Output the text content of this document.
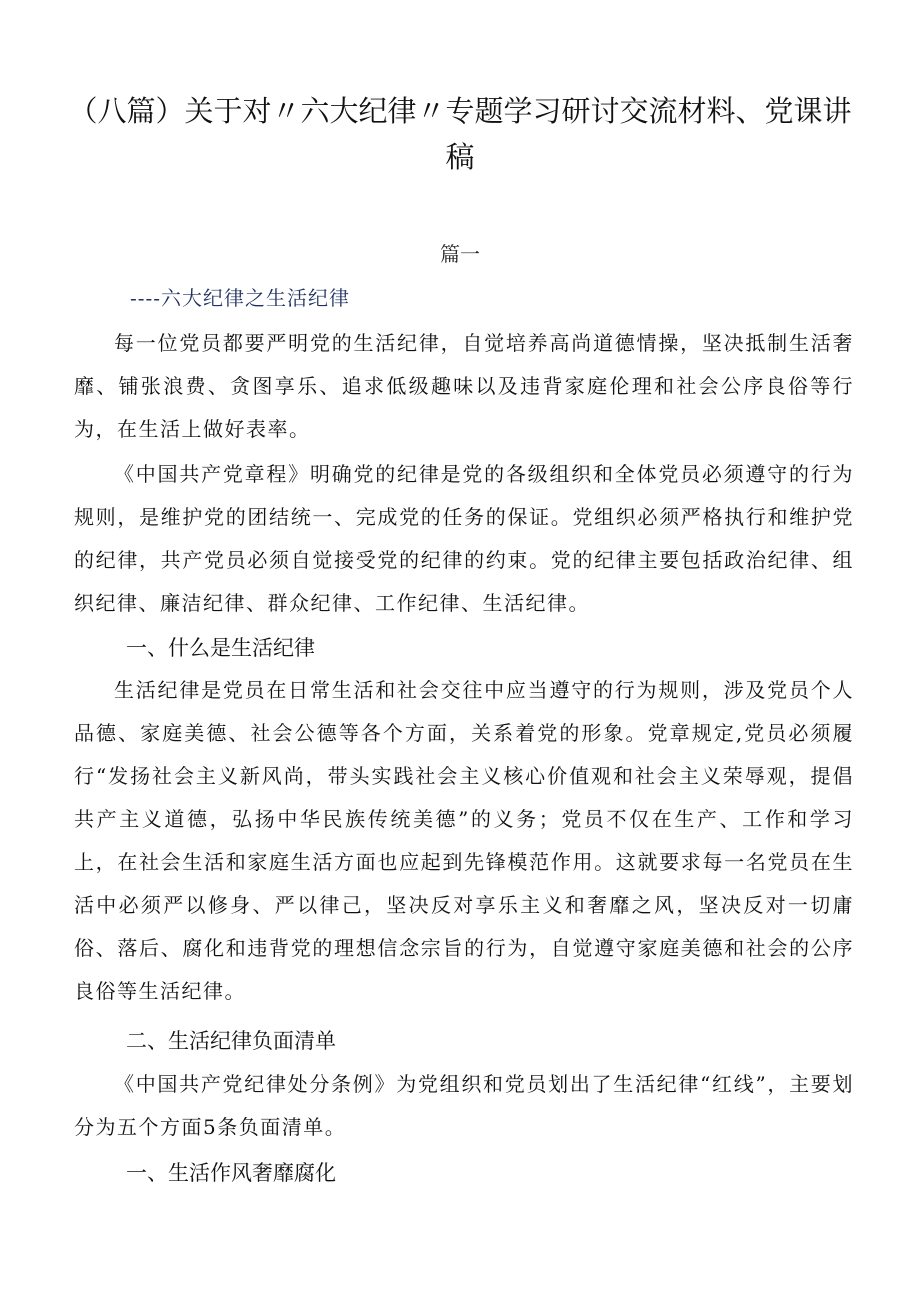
（八篇）关于对〃六大纪律〃专题学习研讨交流材料、党课讲稿
篇一
----六大纪律之生活纪律

每一位党员都要严明党的生活纪律，自觉培养高尚道德情操，坚决抵制生活奢靡、铺张浪费、贪图享乐、追求低级趣味以及违背家庭伦理和社会公序良俗等行为，在生活上做好表率。

《中国共产党章程》明确党的纪律是党的各级组织和全体党员必须遵守的行为规则，是维护党的团结统一、完成党的任务的保证。党组织必须严格执行和维护党的纪律，共产党员必须自觉接受党的纪律的约束。党的纪律主要包括政治纪律、组织纪律、廉洁纪律、群众纪律、工作纪律、生活纪律。

一、什么是生活纪律

生活纪律是党员在日常生活和社会交往中应当遵守的行为规则，涉及党员个人品德、家庭美德、社会公德等各个方面，关系着党的形象。党章规定,党员必须履行“发扬社会主义新风尚，带头实践社会主义核心价值观和社会主义荣辱观，提倡共产主义道德，弘扬中华民族传统美德”的义务；党员不仅在生产、工作和学习上，在社会生活和家庭生活方面也应起到先锋模范作用。这就要求每一名党员在生活中必须严以修身、严以律己，坚决反对享乐主义和奢靡之风，坚决反对一切庸俗、落后、腐化和违背党的理想信念宗旨的行为，自觉遵守家庭美德和社会的公序良俗等生活纪律。

二、生活纪律负面清单

《中国共产党纪律处分条例》为党组织和党员划出了生活纪律“红线”，主要划分为五个方面5条负面清单。

一、生活作风奢靡腐化
